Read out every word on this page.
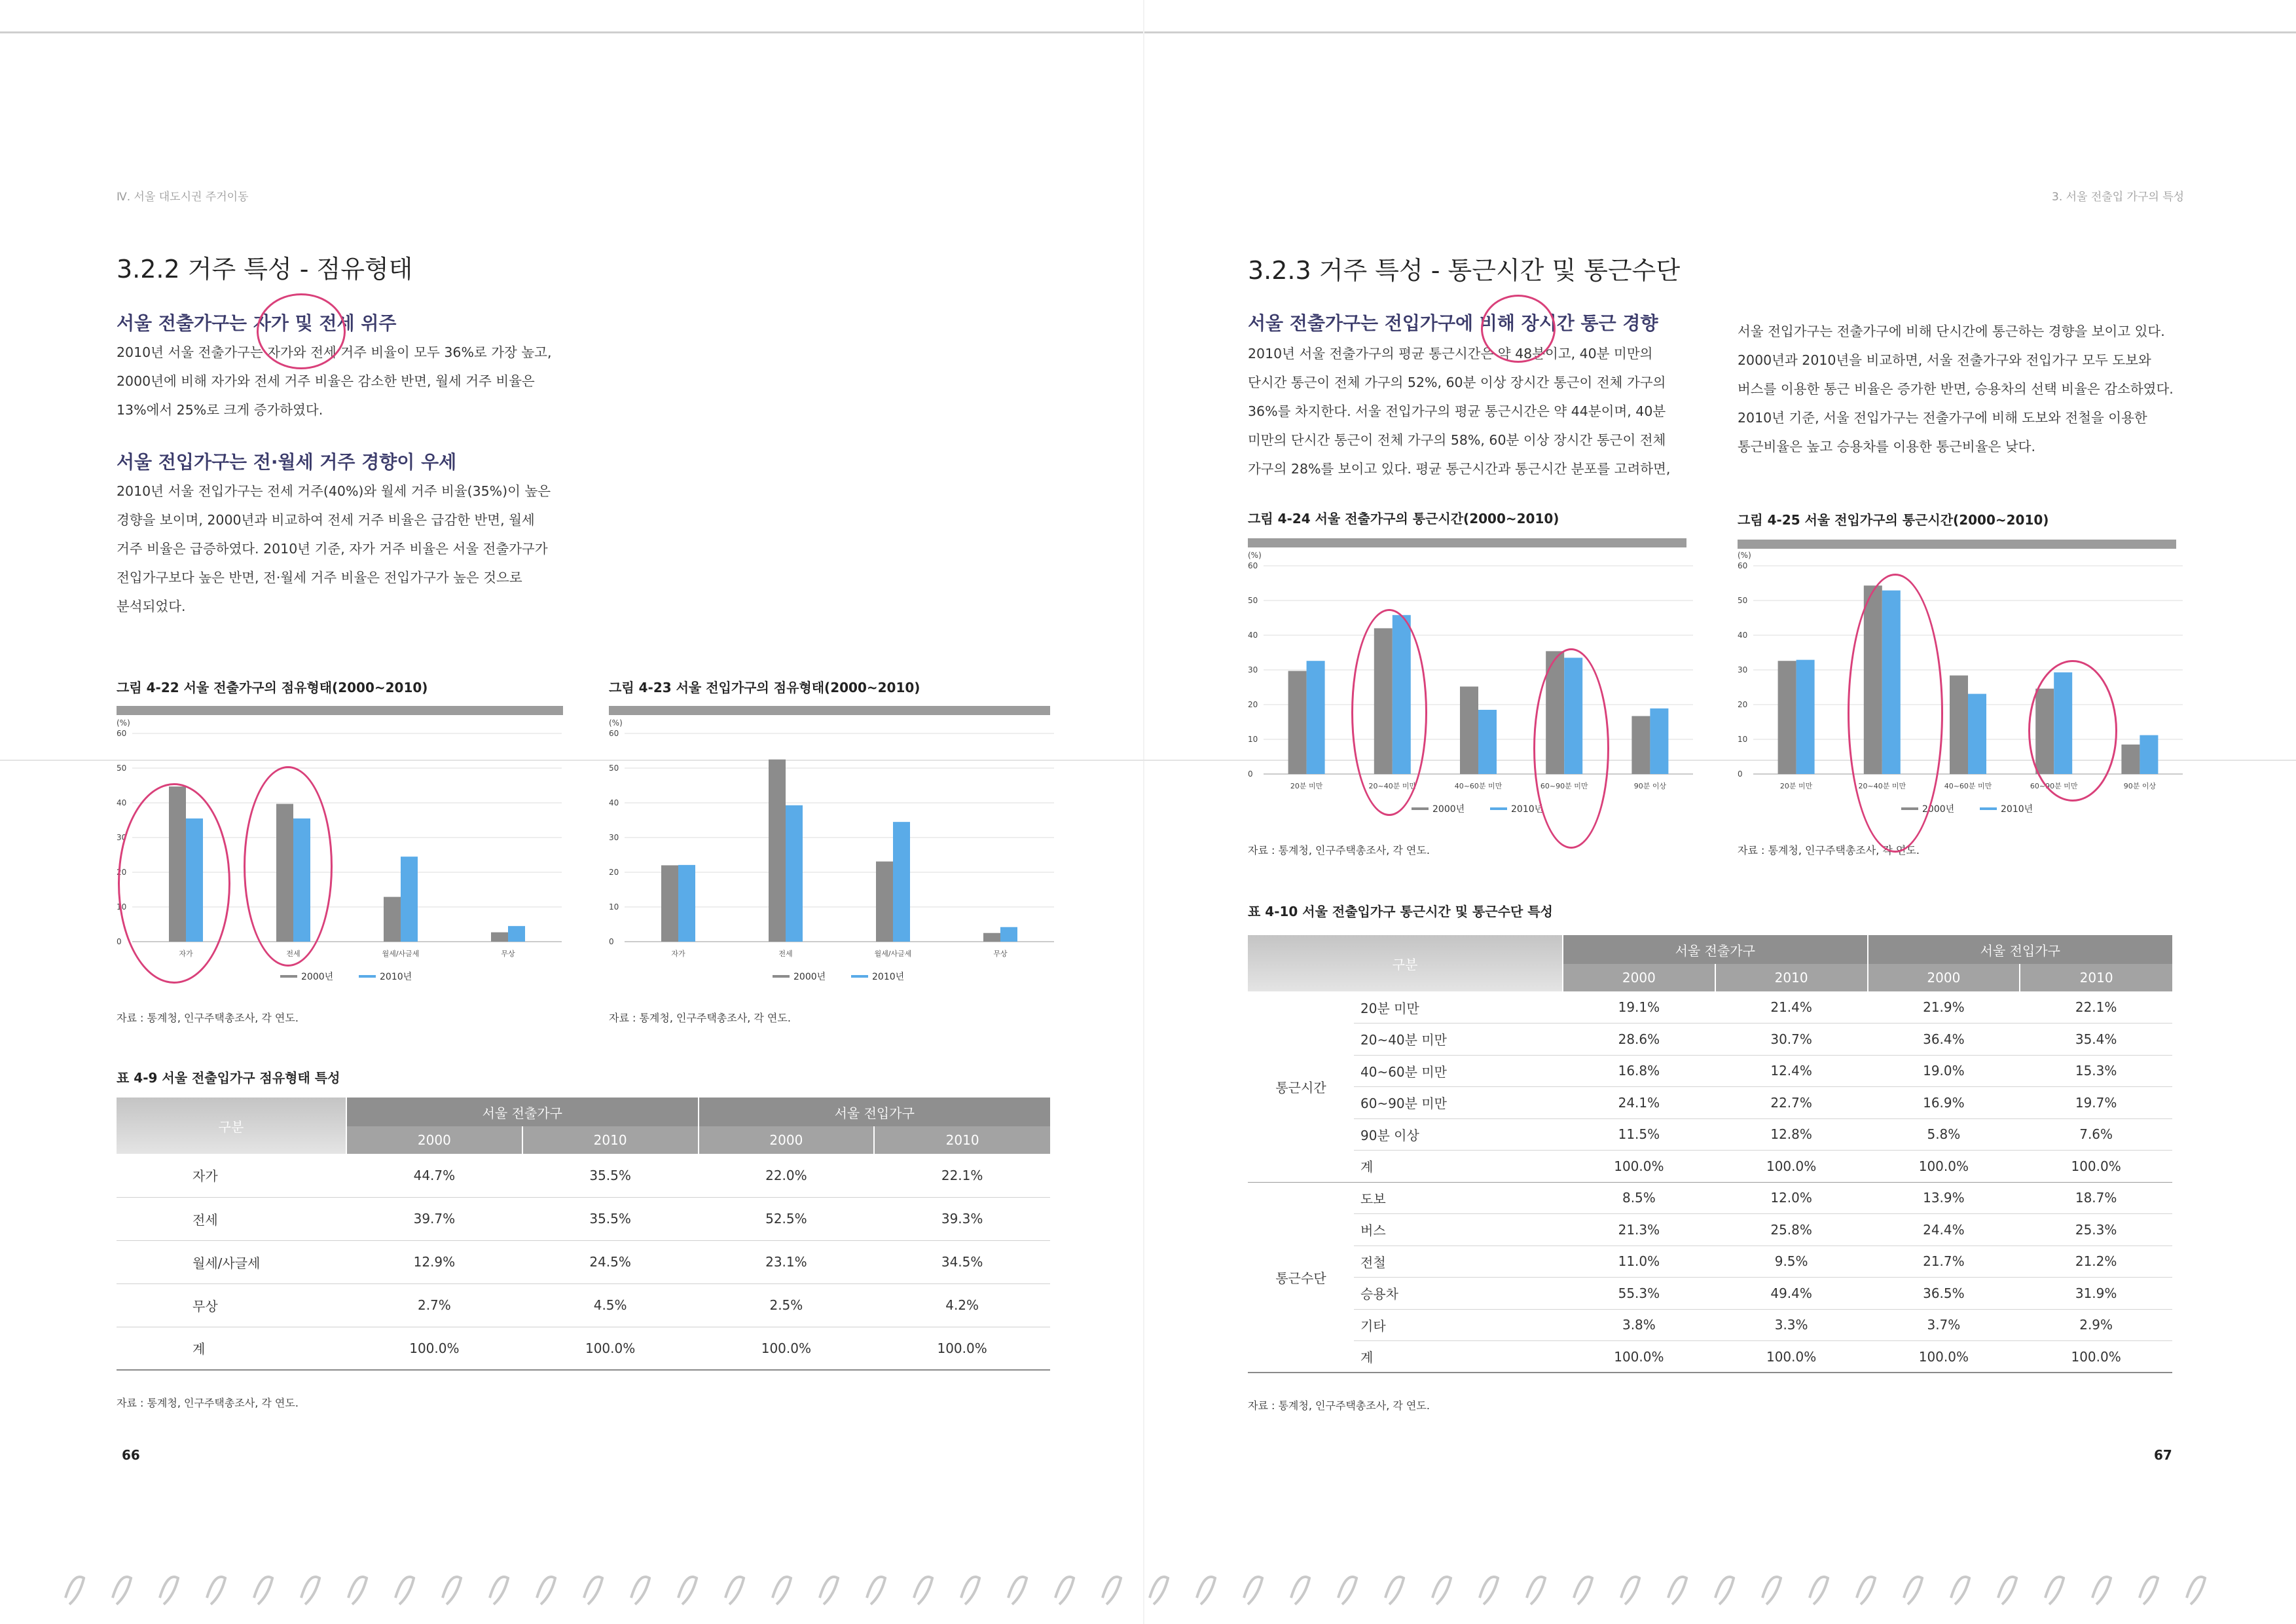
Ⅳ. 서울 대도시권 주거이동
3.2.2 거주 특성 - 점유형태
서울 전출가구는 자가 및 전세 위주
2010년 서울 전출가구는 자가와 전세 거주 비율이 모두 36%로 가장 높고,
2000년에 비해 자가와 전세 거주 비율은 감소한 반면, 월세 거주 비율은
13%에서 25%로 크게 증가하였다.
서울 전입가구는 전·월세 거주 경향이 우세
2010년 서울 전입가구는 전세 거주(40%)와 월세 거주 비율(35%)이 높은
경향을 보이며, 2000년과 비교하여 전세 거주 비율은 급감한 반면, 월세
거주 비율은 급증하였다. 2010년 기준, 자가 거주 비율은 서울 전출가구가
전입가구보다 높은 반면, 전·월세 거주 비율은 전입가구가 높은 것으로
분석되었다.
그림 4-22 서울 전출가구의 점유형태(2000~2010)
(%)
0
10
20
30
40
50
60
자가	전세	월세/사글세	무상
2000년	2010년
자료 : 통계청, 인구주택총조사, 각 연도.
그림 4-23 서울 전입가구의 점유형태(2000~2010)
(%)
0
10
20
30
40
50
60
자가	전세	월세/사글세	무상
2000년	2010년
자료 : 통계청, 인구주택총조사, 각 연도.
표 4-9 서울 전출입가구 점유형태 특성
구분	서울 전출가구		서울 전입가구	
	2000	2010	2000	2010
자가	44.7%	35.5%	22.0%	22.1%
전세	39.7%	35.5%	52.5%	39.3%
월세/사글세	12.9%	24.5%	23.1%	34.5%
무상	2.7%	4.5%	2.5%	4.2%
계	100.0%	100.0%	100.0%	100.0%
자료 : 통계청, 인구주택총조사, 각 연도.
66
3. 서울 전출입 가구의 특성
3.2.3 거주 특성 - 통근시간 및 통근수단
서울 전출가구는 전입가구에 비해 장시간 통근 경향
2010년 서울 전출가구의 평균 통근시간은 약 48분이고, 40분 미만의
단시간 통근이 전체 가구의 52%, 60분 이상 장시간 통근이 전체 가구의
36%를 차지한다. 서울 전입가구의 평균 통근시간은 약 44분이며, 40분
미만의 단시간 통근이 전체 가구의 58%, 60분 이상 장시간 통근이 전체
가구의 28%를 보이고 있다. 평균 통근시간과 통근시간 분포를 고려하면,
서울 전입가구는 전출가구에 비해 단시간에 통근하는 경향을 보이고 있다.
2000년과 2010년을 비교하면, 서울 전출가구와 전입가구 모두 도보와
버스를 이용한 통근 비율은 증가한 반면, 승용차의 선택 비율은 감소하였다.
2010년 기준, 서울 전입가구는 전출가구에 비해 도보와 전철을 이용한
통근비율은 높고 승용차를 이용한 통근비율은 낮다.
그림 4-24 서울 전출가구의 통근시간(2000~2010)
(%)
0
10
20
30
40
50
60
20분 미만	20~40분 미만	40~60분 미만	60~90분 미만	90분 이상
2000년	2010년
자료 : 통계청, 인구주택총조사, 각 연도.
그림 4-25 서울 전입가구의 통근시간(2000~2010)
(%)
0
10
20
30
40
50
60
20분 미만	20~40분 미만	40~60분 미만	60~90분 미만	90분 이상
2000년	2010년
자료 : 통계청, 인구주택총조사, 각 연도.
표 4-10 서울 전출입가구 통근시간 및 통근수단 특성
구분		서울 전출가구		서울 전입가구	
		2000	2010	2000	2010
통근시간	20분 미만	19.1%	21.4%	21.9%	22.1%
	20~40분 미만	28.6%	30.7%	36.4%	35.4%
	40~60분 미만	16.8%	12.4%	19.0%	15.3%
	60~90분 미만	24.1%	22.7%	16.9%	19.7%
	90분 이상	11.5%	12.8%	5.8%	7.6%
	계	100.0%	100.0%	100.0%	100.0%
통근수단	도보	8.5%	12.0%	13.9%	18.7%
	버스	21.3%	25.8%	24.4%	25.3%
	전철	11.0%	9.5%	21.7%	21.2%
	승용차	55.3%	49.4%	36.5%	31.9%
	기타	3.8%	3.3%	3.7%	2.9%
	계	100.0%	100.0%	100.0%	100.0%
자료 : 통계청, 인구주택총조사, 각 연도.
67
